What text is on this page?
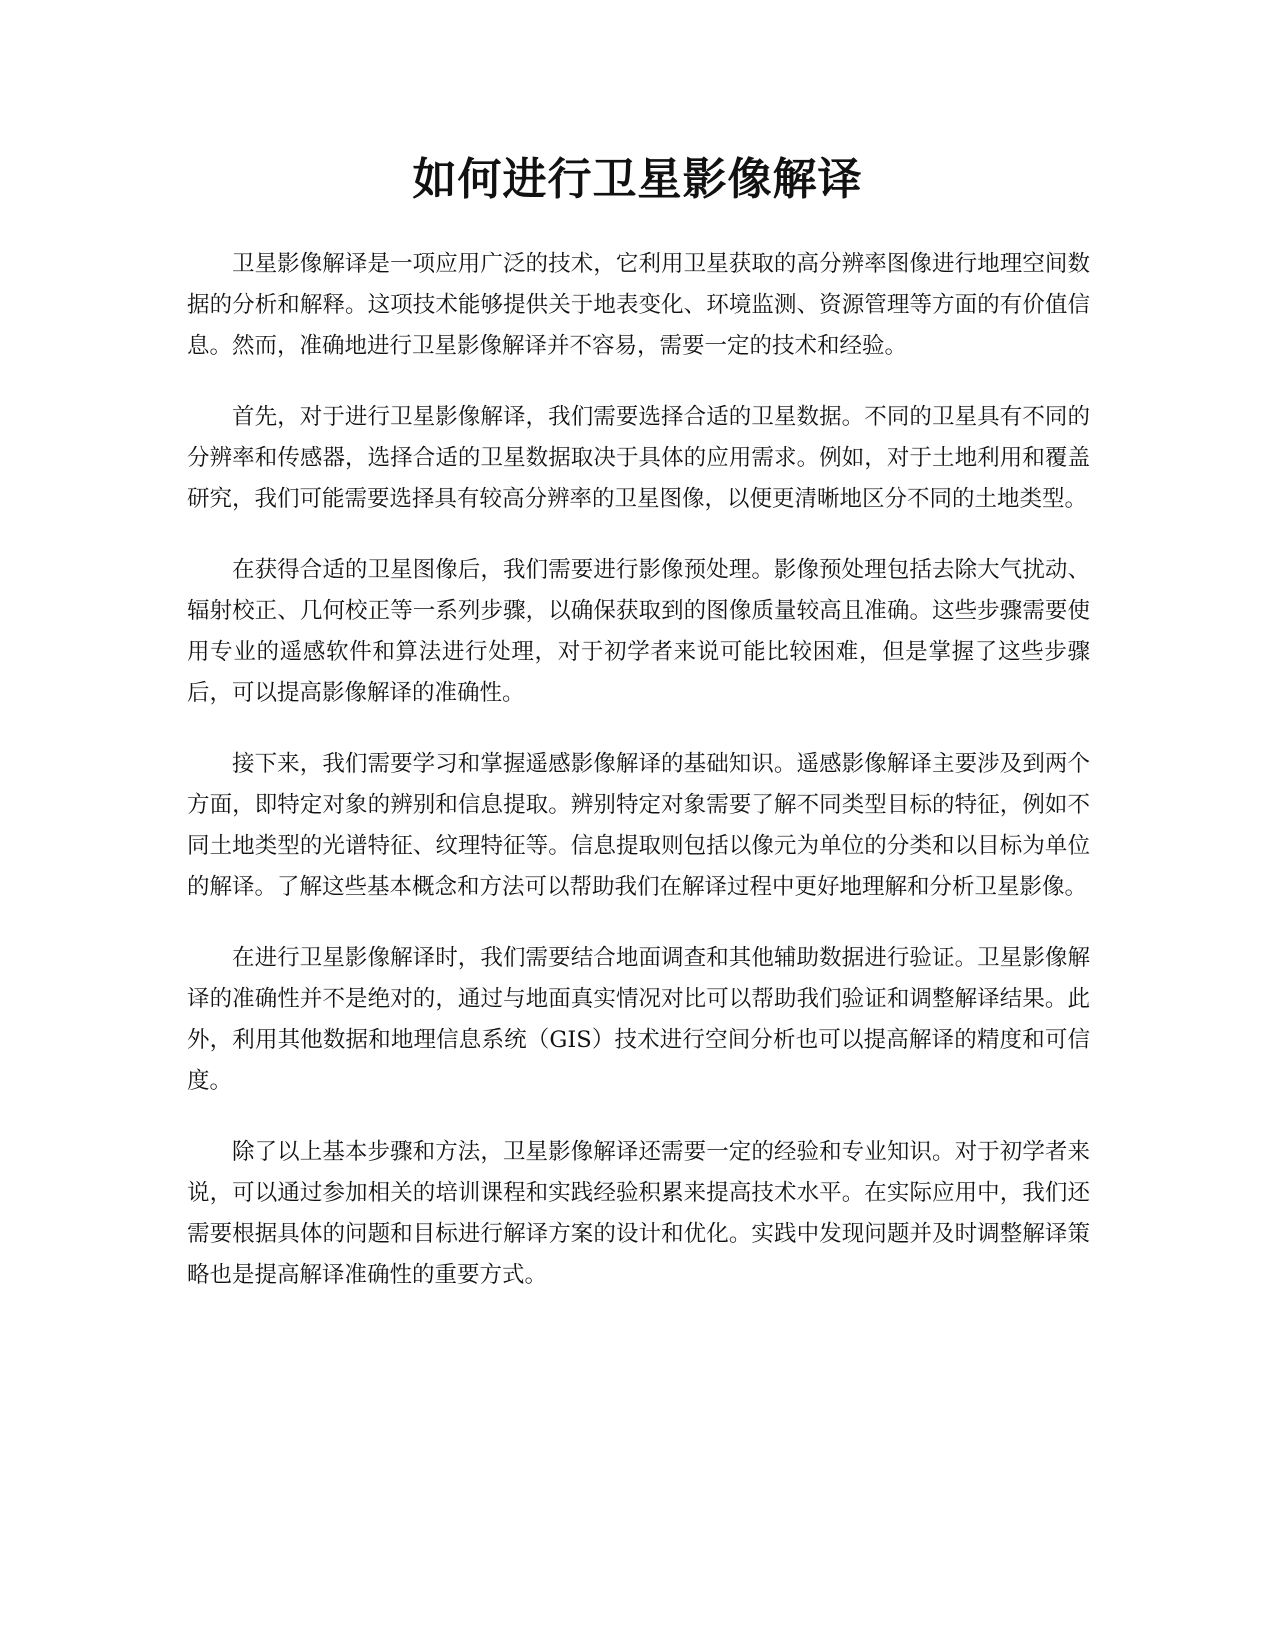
如何进行卫星影像解译

卫星影像解译是一项应用广泛的技术，它利用卫星获取的高分辨率图像进行地理空间数据的分析和解释。这项技术能够提供关于地表变化、环境监测、资源管理等方面的有价值信息。然而，准确地进行卫星影像解译并不容易，需要一定的技术和经验。

首先，对于进行卫星影像解译，我们需要选择合适的卫星数据。不同的卫星具有不同的分辨率和传感器，选择合适的卫星数据取决于具体的应用需求。例如，对于土地利用和覆盖研究，我们可能需要选择具有较高分辨率的卫星图像，以便更清晰地区分不同的土地类型。

在获得合适的卫星图像后，我们需要进行影像预处理。影像预处理包括去除大气扰动、辐射校正、几何校正等一系列步骤，以确保获取到的图像质量较高且准确。这些步骤需要使用专业的遥感软件和算法进行处理，对于初学者来说可能比较困难，但是掌握了这些步骤后，可以提高影像解译的准确性。

接下来，我们需要学习和掌握遥感影像解译的基础知识。遥感影像解译主要涉及到两个方面，即特定对象的辨别和信息提取。辨别特定对象需要了解不同类型目标的特征，例如不同土地类型的光谱特征、纹理特征等。信息提取则包括以像元为单位的分类和以目标为单位的解译。了解这些基本概念和方法可以帮助我们在解译过程中更好地理解和分析卫星影像。

在进行卫星影像解译时，我们需要结合地面调查和其他辅助数据进行验证。卫星影像解译的准确性并不是绝对的，通过与地面真实情况对比可以帮助我们验证和调整解译结果。此外，利用其他数据和地理信息系统（GIS）技术进行空间分析也可以提高解译的精度和可信度。

除了以上基本步骤和方法，卫星影像解译还需要一定的经验和专业知识。对于初学者来说，可以通过参加相关的培训课程和实践经验积累来提高技术水平。在实际应用中，我们还需要根据具体的问题和目标进行解译方案的设计和优化。实践中发现问题并及时调整解译策略也是提高解译准确性的重要方式。
